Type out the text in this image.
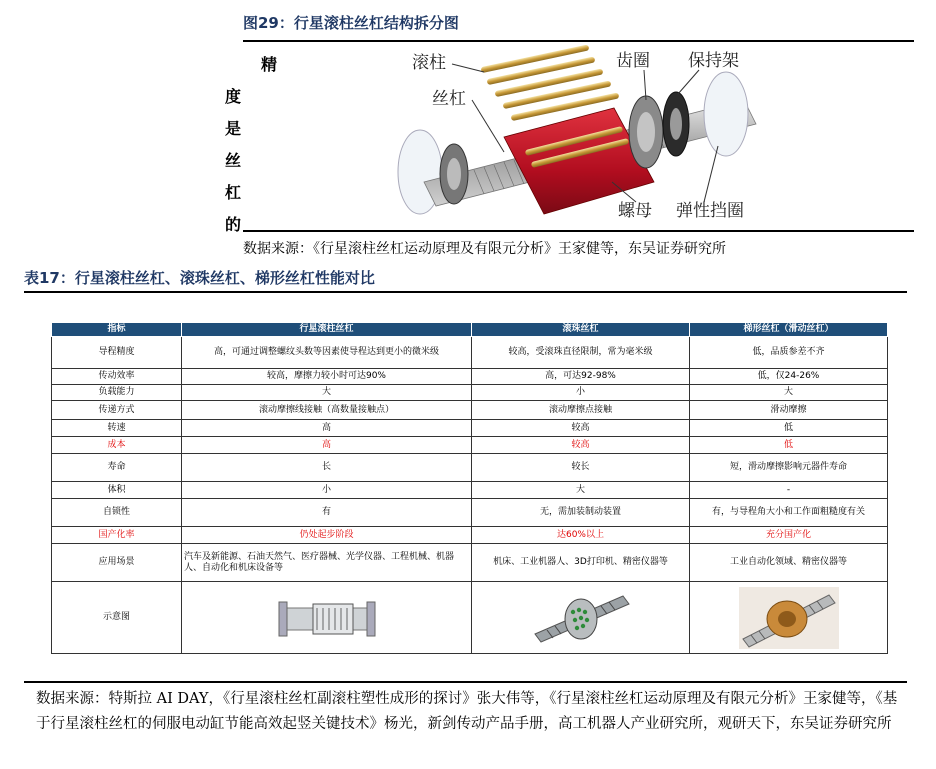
图29：行星滚柱丝杠结构拆分图
精
度
是
丝
杠
的
滚柱	齿圈 保持架
丝杠
螺母 弹性挡圈
数据来源：《行星滚柱丝杠运动原理及有限元分析》王家健等，东吴证券研究所
表17：行星滚柱丝杠、滚珠丝杠、梯形丝杠性能对比
指标	行星滚柱丝杠	滚珠丝杠	梯形丝杠（滑动丝杠）
导程精度	高，可通过调整螺纹头数等因素使导程达到更小的微米级	较高，受滚珠直径限制，常为毫米级	低，品质参差不齐
传动效率	较高，摩擦力较小时可达90%	高，可达92-98%	低，仅24-26%
负载能力	大	小	大
传递方式	滚动摩擦线接触（高数量接触点）	滚动摩擦点接触	滑动摩擦
转速	高	较高	低
成本	高	较高	低
寿命	长	较长	短，滑动摩擦影响元器件寿命
体积	小	大	-
自锁性	有	无，需加装制动装置	有，与导程角大小和工作面粗糙度有关
国产化率	仍处起步阶段	达60%以上	充分国产化
应用场景	汽车及新能源、石油天然气、医疗器械、光学仪器、工程机械、机器人、自动化和机床设备等	机床、工业机器人、3D打印机、精密仪器等	工业自动化领域、精密仪器等
示意图			
数据来源：特斯拉 AI DAY，《行星滚柱丝杠副滚柱塑性成形的探讨》张大伟等，《行星滚柱丝杠运动原理及有限元分析》王家健等，《基于行星滚柱丝杠的伺服电动缸节能高效起竖关键技术》杨光，新剑传动产品手册，高工机器人产业研究所，观研天下，东吴证券研究所
